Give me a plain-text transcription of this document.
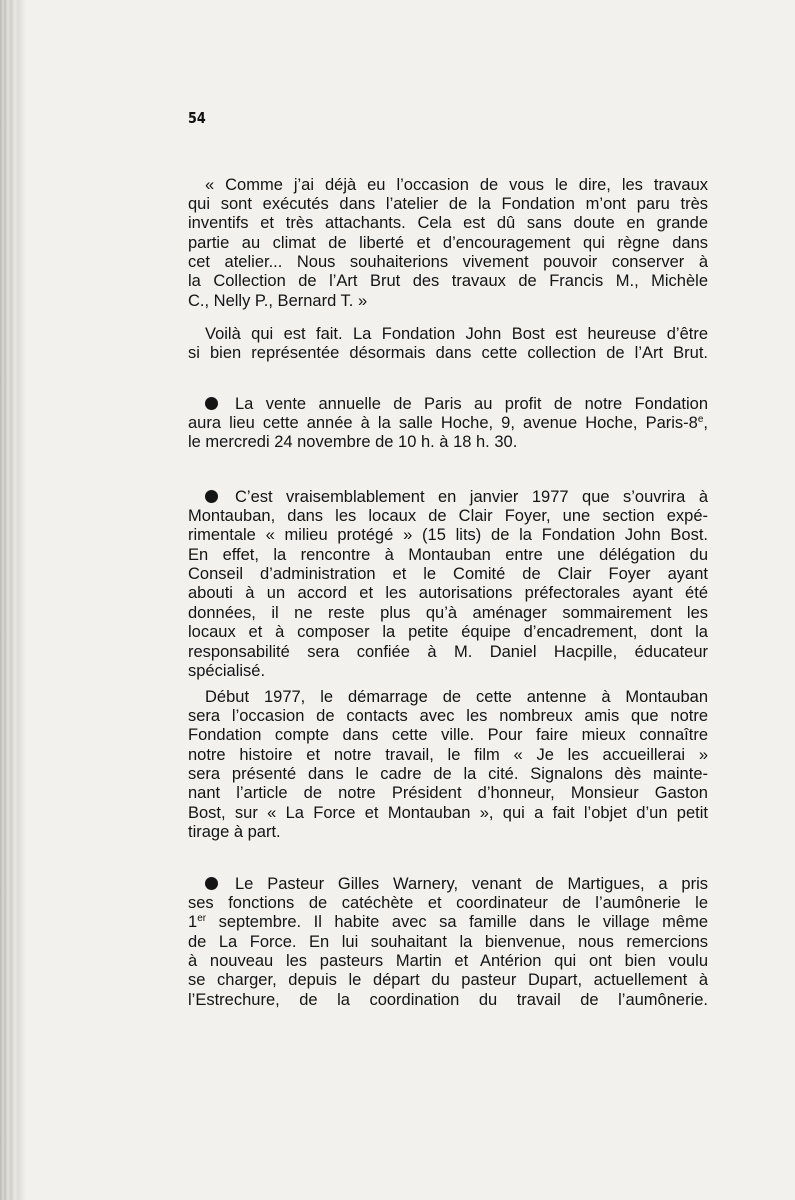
54
« Comme j’ai déjà eu l’occasion de vous le dire, les travaux
qui sont exécutés dans l’atelier de la Fondation m’ont paru très
inventifs et très attachants. Cela est dû sans doute en grande
partie au climat de liberté et d’encouragement qui règne dans
cet atelier... Nous souhaiterions vivement pouvoir conserver à
la Collection de l’Art Brut des travaux de Francis M., Michèle
C., Nelly P., Bernard T. »
Voilà qui est fait. La Fondation John Bost est heureuse d’être
si bien représentée désormais dans cette collection de l’Art Brut.
La vente annuelle de Paris au profit de notre Fondation
aura lieu cette année à la salle Hoche, 9, avenue Hoche, Paris-8e,
le mercredi 24 novembre de 10 h. à 18 h. 30.
C’est vraisemblablement en janvier 1977 que s’ouvrira à
Montauban, dans les locaux de Clair Foyer, une section expé-
rimentale « milieu protégé » (15 lits) de la Fondation John Bost.
En effet, la rencontre à Montauban entre une délégation du
Conseil d’administration et le Comité de Clair Foyer ayant
abouti à un accord et les autorisations préfectorales ayant été
données, il ne reste plus qu’à aménager sommairement les
locaux et à composer la petite équipe d’encadrement, dont la
responsabilité sera confiée à M. Daniel Hacpille, éducateur
spécialisé.
Début 1977, le démarrage de cette antenne à Montauban
sera l’occasion de contacts avec les nombreux amis que notre
Fondation compte dans cette ville. Pour faire mieux connaître
notre histoire et notre travail, le film « Je les accueillerai »
sera présenté dans le cadre de la cité. Signalons dès mainte-
nant l’article de notre Président d’honneur, Monsieur Gaston
Bost, sur « La Force et Montauban », qui a fait l’objet d’un petit
tirage à part.
Le Pasteur Gilles Warnery, venant de Martigues, a pris
ses fonctions de catéchète et coordinateur de l’aumônerie le
1er septembre. Il habite avec sa famille dans le village même
de La Force. En lui souhaitant la bienvenue, nous remercions
à nouveau les pasteurs Martin et Antérion qui ont bien voulu
se charger, depuis le départ du pasteur Dupart, actuellement à
l’Estrechure, de la coordination du travail de l’aumônerie.
